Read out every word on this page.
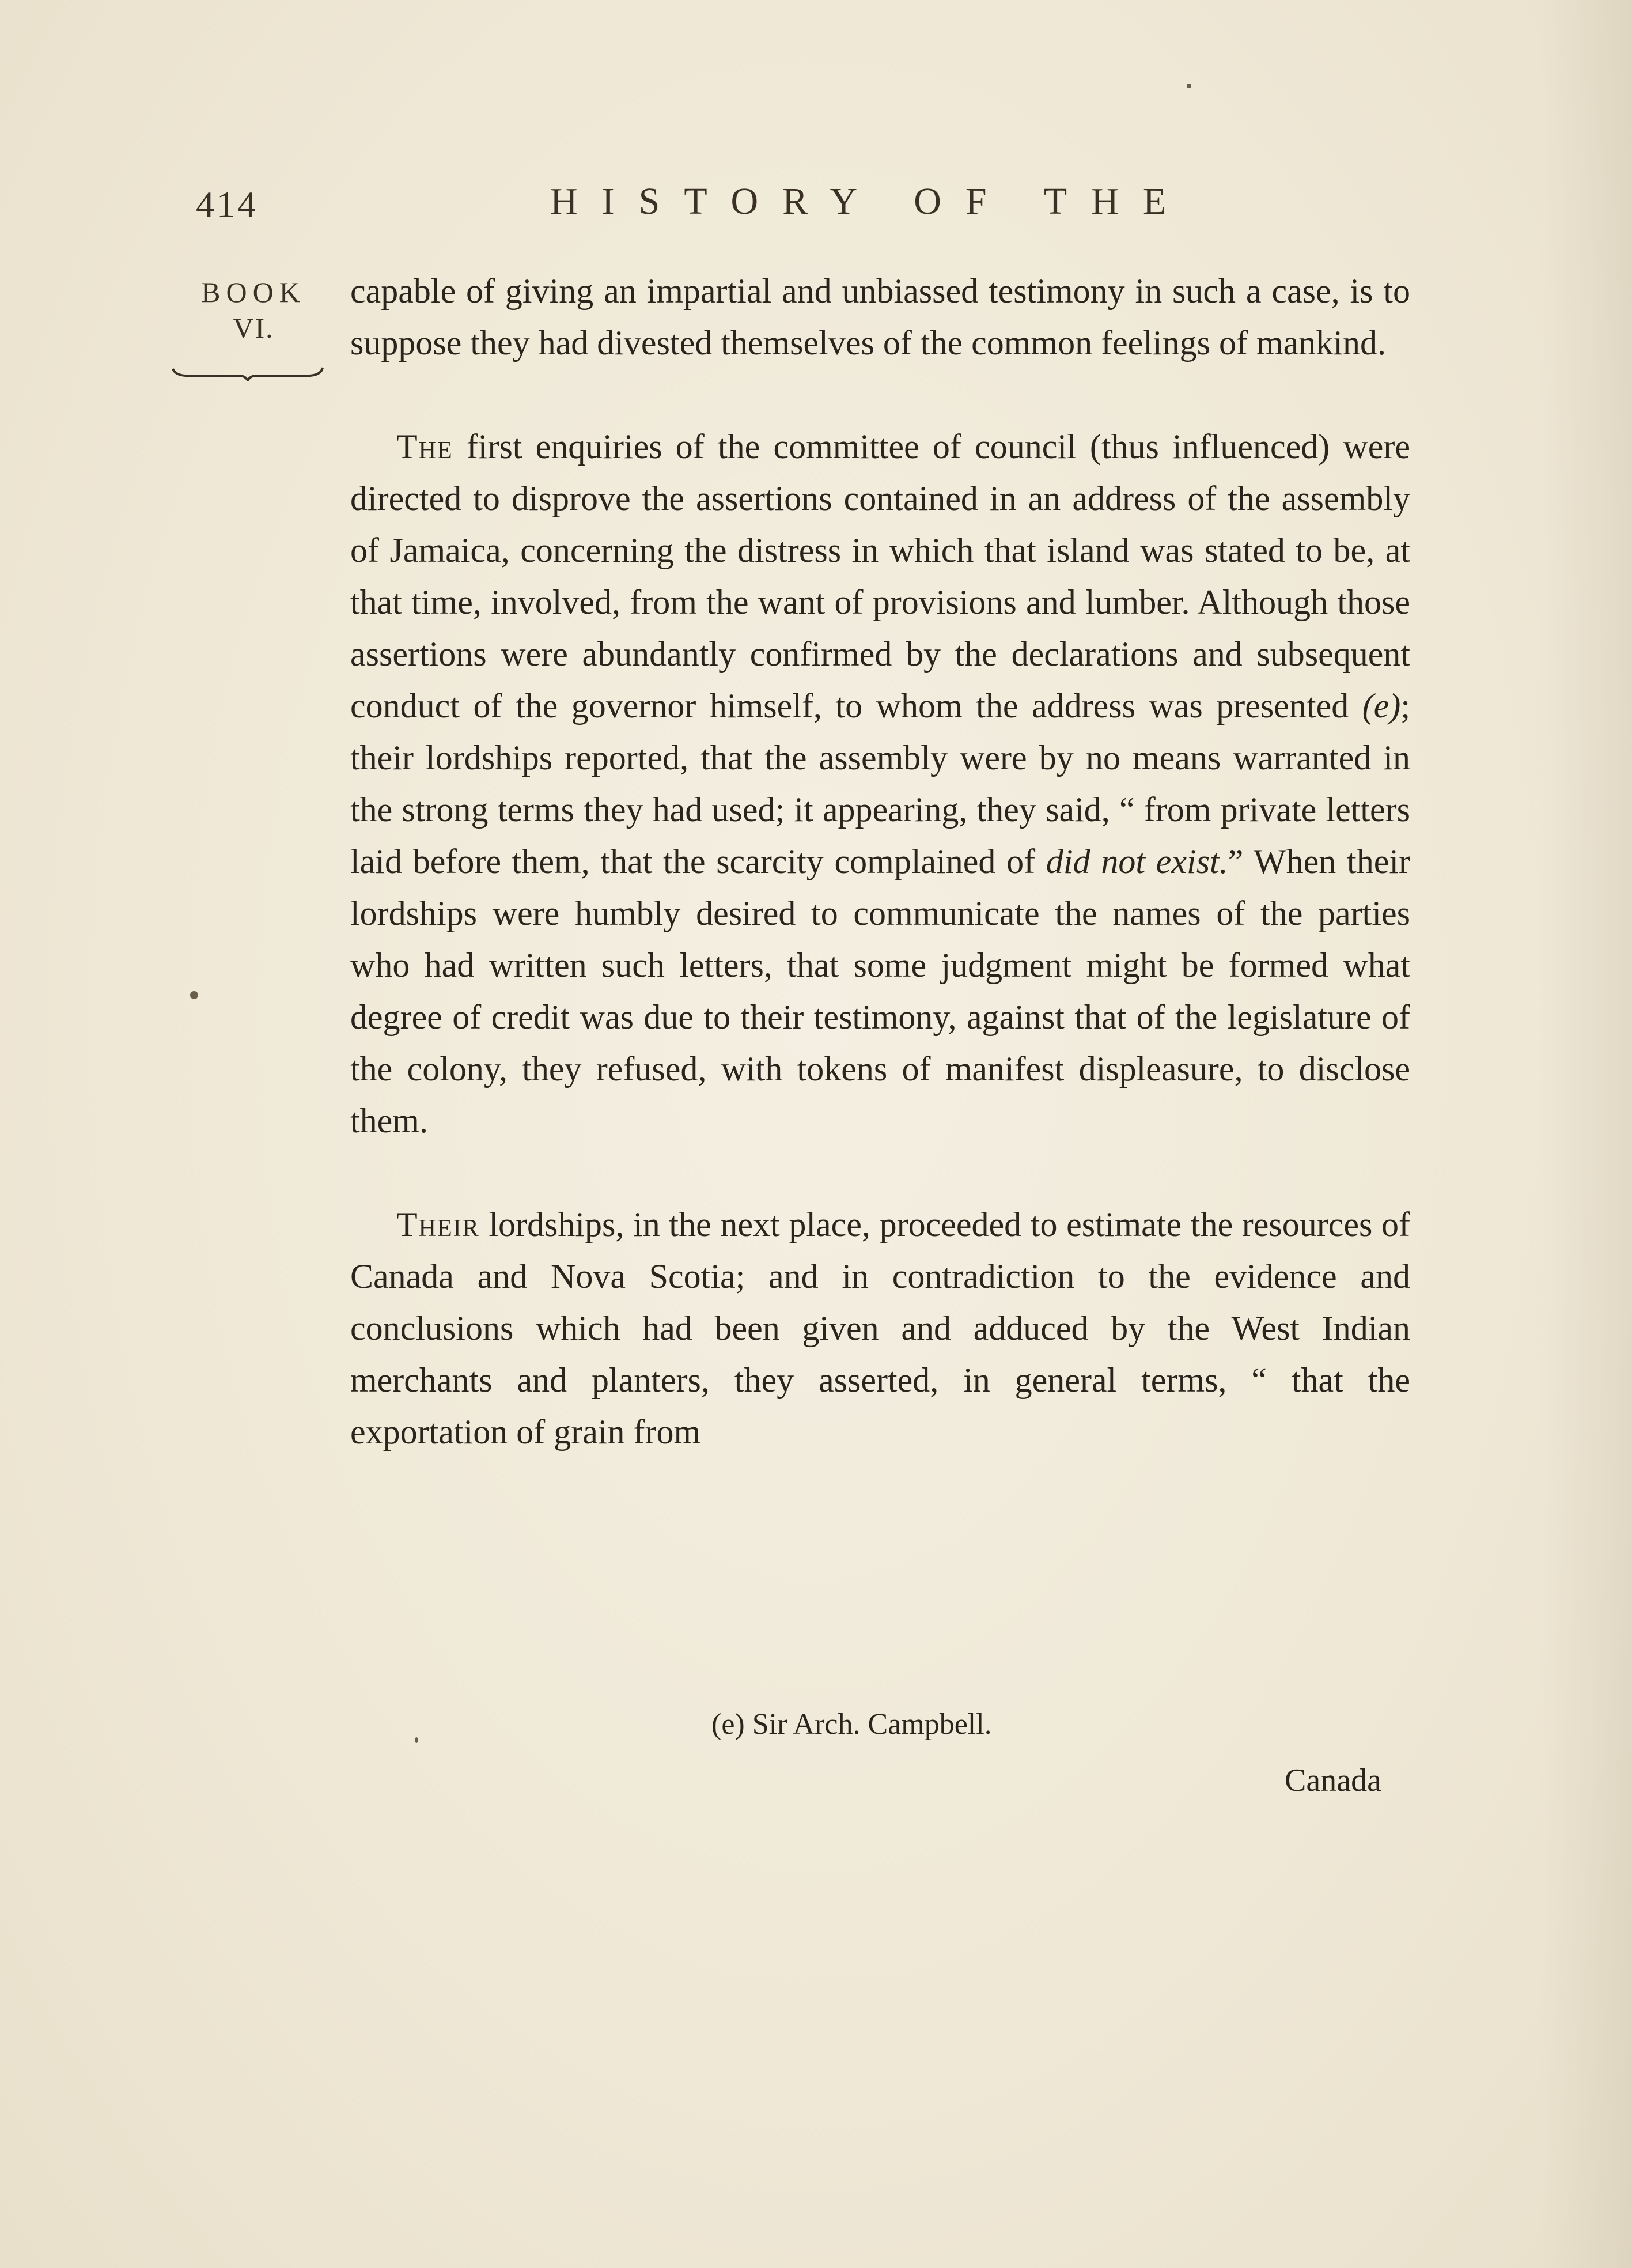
414	HISTORY OF THE
BOOK
VI.

capable of giving an impartial and unbiassed testimony in such a case, is to suppose they had divested themselves of the common feelings of mankind.

The first enquiries of the committee of council (thus influenced) were directed to disprove the assertions contained in an address of the assembly of Jamaica, concerning the distress in which that island was stated to be, at that time, involved, from the want of provisions and lumber. Although those assertions were abundantly confirmed by the declarations and subsequent conduct of the governor himself, to whom the address was presented (e); their lordships reported, that the assembly were by no means warranted in the strong terms they had used; it appearing, they said, “ from private letters laid before them, that the scarcity complained of did not exist.” When their lordships were humbly desired to communicate the names of the parties who had written such letters, that some judgment might be formed what degree of credit was due to their testimony, against that of the legislature of the colony, they refused, with tokens of manifest displeasure, to disclose them.

Their lordships, in the next place, proceeded to estimate the resources of Canada and Nova Scotia; and in contradiction to the evidence and conclusions which had been given and adduced by the West Indian merchants and planters, they asserted, in general terms, “ that the exportation of grain from

(e) Sir Arch. Campbell.
Canada
